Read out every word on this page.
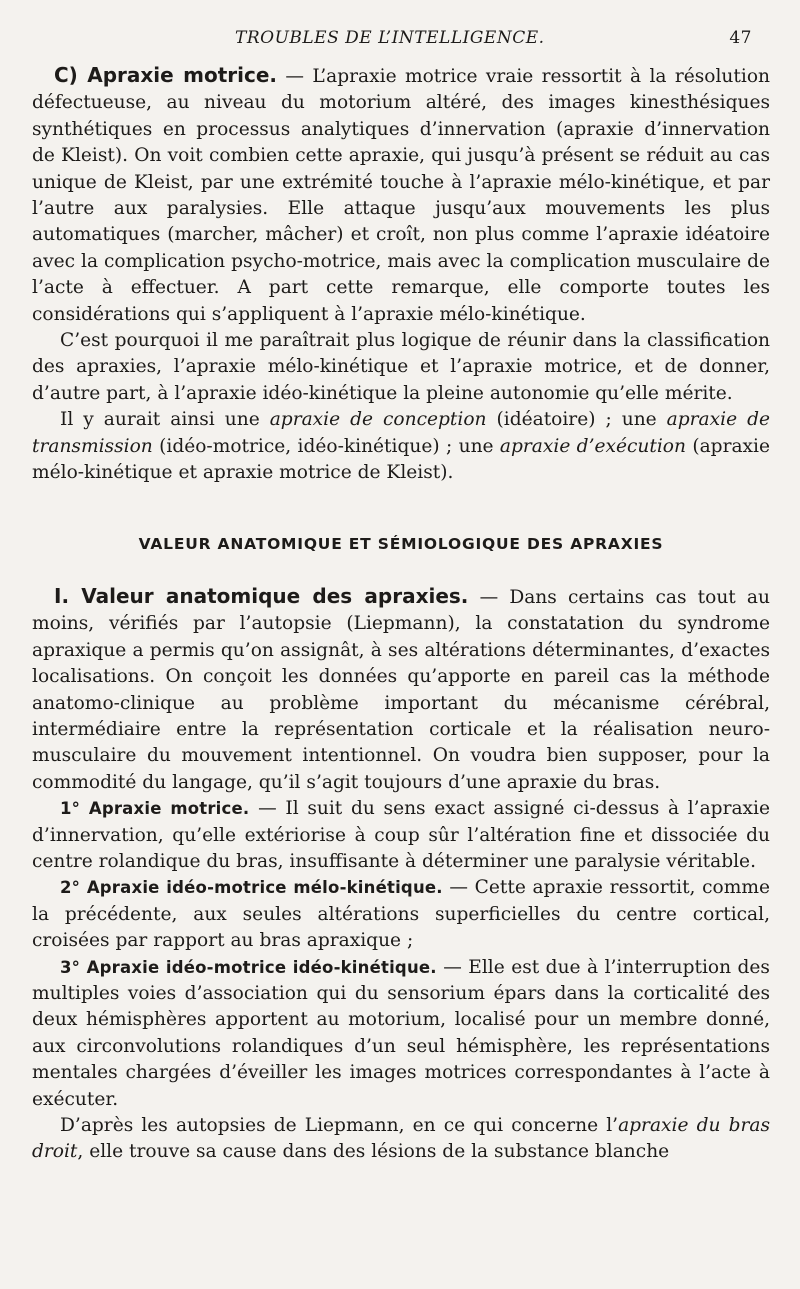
TROUBLES DE L’INTELLIGENCE.	47

C) Apraxie motrice. — L’apraxie motrice vraie ressortit à la résolution défectueuse, au niveau du motorium altéré, des images kinesthésiques synthétiques en processus analytiques d’innervation (apraxie d’innervation de Kleist). On voit combien cette apraxie, qui jusqu’à présent se réduit au cas unique de Kleist, par une extrémité touche à l’apraxie mélo-kinétique, et par l’autre aux paralysies. Elle attaque jusqu’aux mouvements les plus automatiques (marcher, mâcher) et croît, non plus comme l’apraxie idéatoire avec la complication psycho-motrice, mais avec la complication musculaire de l’acte à effectuer. A part cette remarque, elle comporte toutes les considérations qui s’appliquent à l’apraxie mélo-kinétique.

C’est pourquoi il me paraîtrait plus logique de réunir dans la classification des apraxies, l’apraxie mélo-kinétique et l’apraxie motrice, et de donner, d’autre part, à l’apraxie idéo-kinétique la pleine autonomie qu’elle mérite.

Il y aurait ainsi une apraxie de conception (idéatoire) ; une apraxie de transmission (idéo-motrice, idéo-kinétique) ; une apraxie d’exécution (apraxie mélo-kinétique et apraxie motrice de Kleist).

VALEUR ANATOMIQUE ET SÉMIOLOGIQUE DES APRAXIES

I. Valeur anatomique des apraxies. — Dans certains cas tout au moins, vérifiés par l’autopsie (Liepmann), la constatation du syndrome apraxique a permis qu’on assignât, à ses altérations déterminantes, d’exactes localisations. On conçoit les données qu’apporte en pareil cas la méthode anatomo-clinique au problème important du mécanisme cérébral, intermédiaire entre la représentation corticale et la réalisation neuro-musculaire du mouvement intentionnel. On voudra bien supposer, pour la commodité du langage, qu’il s’agit toujours d’une apraxie du bras.

1° Apraxie motrice. — Il suit du sens exact assigné ci-dessus à l’apraxie d’innervation, qu’elle extériorise à coup sûr l’altération fine et dissociée du centre rolandique du bras, insuffisante à déterminer une paralysie véritable.

2° Apraxie idéo-motrice mélo-kinétique. — Cette apraxie ressortit, comme la précédente, aux seules altérations superficielles du centre cortical, croisées par rapport au bras apraxique ;

3° Apraxie idéo-motrice idéo-kinétique. — Elle est due à l’interruption des multiples voies d’association qui du sensorium épars dans la corticalité des deux hémisphères apportent au motorium, localisé pour un membre donné, aux circonvolutions rolandiques d’un seul hémisphère, les représentations mentales chargées d’éveiller les images motrices correspondantes à l’acte à exécuter.

D’après les autopsies de Liepmann, en ce qui concerne l’apraxie du bras droit, elle trouve sa cause dans des lésions de la substance blanche
